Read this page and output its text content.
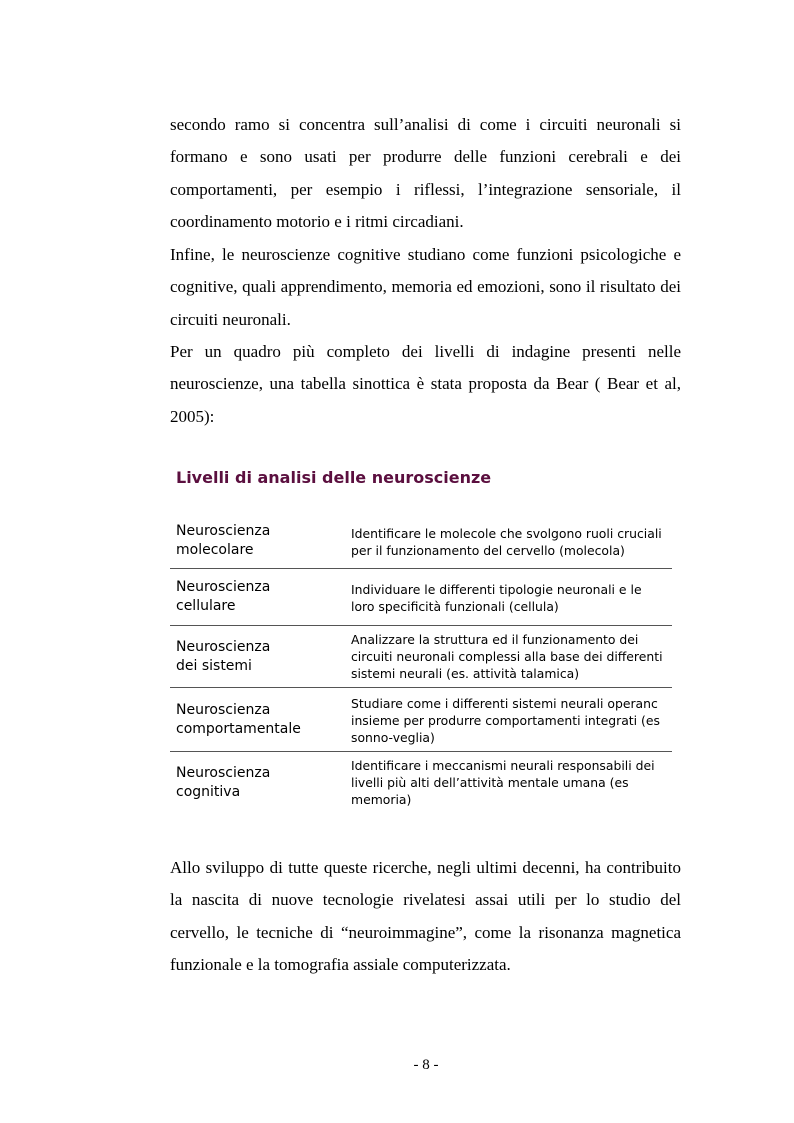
secondo ramo si concentra sull’analisi di come i circuiti neuronali si formano e sono usati per produrre delle funzioni cerebrali e dei comportamenti, per esempio i riflessi, l’integrazione sensoriale, il coordinamento motorio e i ritmi circadiani.

Infine, le neuroscienze cognitive studiano come funzioni psicologiche e cognitive, quali apprendimento, memoria ed emozioni, sono il risultato dei circuiti neuronali.

Per un quadro più completo dei livelli di indagine presenti nelle neuroscienze, una tabella sinottica è stata proposta da Bear ( Bear et al, 2005):

Livelli di analisi delle neuroscienze
Neuroscienza
molecolare
Identificare le molecole che svolgono ruoli cruciali
per il funzionamento del cervello (molecola)
Neuroscienza
cellulare
Individuare le differenti tipologie neuronali e le
loro specificità funzionali (cellula)
Neuroscienza
dei sistemi
Analizzare la struttura ed il funzionamento dei
circuiti neuronali complessi alla base dei differenti
sistemi neurali (es. attività talamica)
Neuroscienza
comportamentale
Studiare come i differenti sistemi neurali operanc
insieme per produrre comportamenti integrati (es
sonno-veglia)
Neuroscienza
cognitiva
Identificare i meccanismi neurali responsabili dei
livelli più alti dell’attività mentale umana (es
memoria)

Allo sviluppo di tutte queste ricerche, negli ultimi decenni, ha contribuito la nascita di nuove tecnologie rivelatesi assai utili per lo studio del cervello, le tecniche di “neuroimmagine”, come la risonanza magnetica funzionale e la tomografia assiale computerizzata.

- 8 -
